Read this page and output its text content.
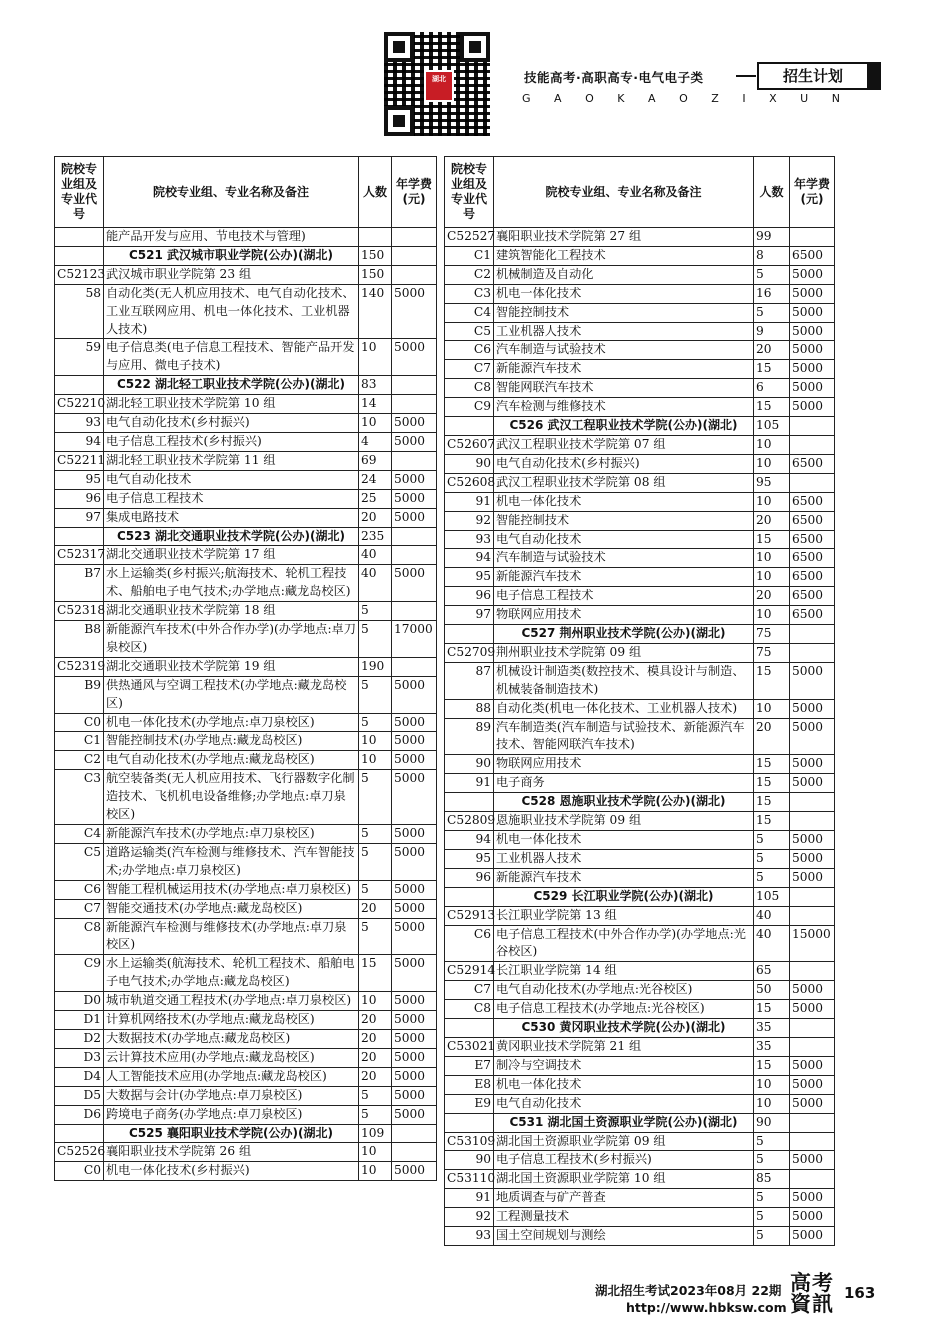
湖北	技能高考·高职高专·电气电子类	招生计划
G A O K A O Z I X U N
院校专业组及专业代号	院校专业组、专业名称及备注	人数	年学费(元)
	能产品开发与应用、节电技术与管理)		
	C521 武汉城市职业学院(公办)(湖北)	150	
C52123	武汉城市职业学院第 23 组	150	
58	自动化类(无人机应用技术、电气自动化技术、工业互联网应用、机电一体化技术、工业机器人技术)	140	5000
59	电子信息类(电子信息工程技术、智能产品开发与应用、微电子技术)	10	5000
	C522 湖北轻工职业技术学院(公办)(湖北)	83	
C52210	湖北轻工职业技术学院第 10 组	14	
93	电气自动化技术(乡村振兴)	10	5000
94	电子信息工程技术(乡村振兴)	4	5000
C52211	湖北轻工职业技术学院第 11 组	69	
95	电气自动化技术	24	5000
96	电子信息工程技术	25	5000
97	集成电路技术	20	5000
	C523 湖北交通职业技术学院(公办)(湖北)	235	
C52317	湖北交通职业技术学院第 17 组	40	
B7	水上运输类(乡村振兴;航海技术、轮机工程技术、船舶电子电气技术;办学地点:藏龙岛校区)	40	5000
C52318	湖北交通职业技术学院第 18 组	5	
B8	新能源汽车技术(中外合作办学)(办学地点:卓刀泉校区)	5	17000
C52319	湖北交通职业技术学院第 19 组	190	
B9	供热通风与空调工程技术(办学地点:藏龙岛校区)	5	5000
C0	机电一体化技术(办学地点:卓刀泉校区)	5	5000
C1	智能控制技术(办学地点:藏龙岛校区)	10	5000
C2	电气自动化技术(办学地点:藏龙岛校区)	10	5000
C3	航空装备类(无人机应用技术、飞行器数字化制造技术、飞机机电设备维修;办学地点:卓刀泉校区)	5	5000
C4	新能源汽车技术(办学地点:卓刀泉校区)	5	5000
C5	道路运输类(汽车检测与维修技术、汽车智能技术;办学地点:卓刀泉校区)	5	5000
C6	智能工程机械运用技术(办学地点:卓刀泉校区)	5	5000
C7	智能交通技术(办学地点:藏龙岛校区)	20	5000
C8	新能源汽车检测与维修技术(办学地点:卓刀泉校区)	5	5000
C9	水上运输类(航海技术、轮机工程技术、船舶电子电气技术;办学地点:藏龙岛校区)	15	5000
D0	城市轨道交通工程技术(办学地点:卓刀泉校区)	10	5000
D1	计算机网络技术(办学地点:藏龙岛校区)	20	5000
D2	大数据技术(办学地点:藏龙岛校区)	20	5000
D3	云计算技术应用(办学地点:藏龙岛校区)	20	5000
D4	人工智能技术应用(办学地点:藏龙岛校区)	20	5000
D5	大数据与会计(办学地点:卓刀泉校区)	5	5000
D6	跨境电子商务(办学地点:卓刀泉校区)	5	5000
	C525 襄阳职业技术学院(公办)(湖北)	109	
C52526	襄阳职业技术学院第 26 组	10	
C0	机电一体化技术(乡村振兴)	10	5000
院校专业组及专业代号	院校专业组、专业名称及备注	人数	年学费(元)
C52527	襄阳职业技术学院第 27 组	99	
C1	建筑智能化工程技术	8	6500
C2	机械制造及自动化	5	5000
C3	机电一体化技术	16	5000
C4	智能控制技术	5	5000
C5	工业机器人技术	9	5000
C6	汽车制造与试验技术	20	5000
C7	新能源汽车技术	15	5000
C8	智能网联汽车技术	6	5000
C9	汽车检测与维修技术	15	5000
	C526 武汉工程职业技术学院(公办)(湖北)	105	
C52607	武汉工程职业技术学院第 07 组	10	
90	电气自动化技术(乡村振兴)	10	6500
C52608	武汉工程职业技术学院第 08 组	95	
91	机电一体化技术	10	6500
92	智能控制技术	20	6500
93	电气自动化技术	15	6500
94	汽车制造与试验技术	10	6500
95	新能源汽车技术	10	6500
96	电子信息工程技术	20	6500
97	物联网应用技术	10	6500
	C527 荆州职业技术学院(公办)(湖北)	75	
C52709	荆州职业技术学院第 09 组	75	
87	机械设计制造类(数控技术、模具设计与制造、机械装备制造技术)	15	5000
88	自动化类(机电一体化技术、工业机器人技术)	10	5000
89	汽车制造类(汽车制造与试验技术、新能源汽车技术、智能网联汽车技术)	20	5000
90	物联网应用技术	15	5000
91	电子商务	15	5000
	C528 恩施职业技术学院(公办)(湖北)	15	
C52809	恩施职业技术学院第 09 组	15	
94	机电一体化技术	5	5000
95	工业机器人技术	5	5000
96	新能源汽车技术	5	5000
	C529 长江职业学院(公办)(湖北)	105	
C52913	长江职业学院第 13 组	40	
C6	电子信息工程技术(中外合作办学)(办学地点:光谷校区)	40	15000
C52914	长江职业学院第 14 组	65	
C7	电气自动化技术(办学地点:光谷校区)	50	5000
C8	电子信息工程技术(办学地点:光谷校区)	15	5000
	C530 黄冈职业技术学院(公办)(湖北)	35	
C53021	黄冈职业技术学院第 21 组	35	
E7	制冷与空调技术	15	5000
E8	机电一体化技术	10	5000
E9	电气自动化技术	10	5000
	C531 湖北国土资源职业学院(公办)(湖北)	90	
C53109	湖北国土资源职业学院第 09 组	5	
90	电子信息工程技术(乡村振兴)	5	5000
C53110	湖北国土资源职业学院第 10 组	85	
91	地质调查与矿产普查	5	5000
92	工程测量技术	5	5000
93	国土空间规划与测绘	5	5000
湖北招生考试2023年08月 22期
http://www.hbksw.com
高考資訊 163
